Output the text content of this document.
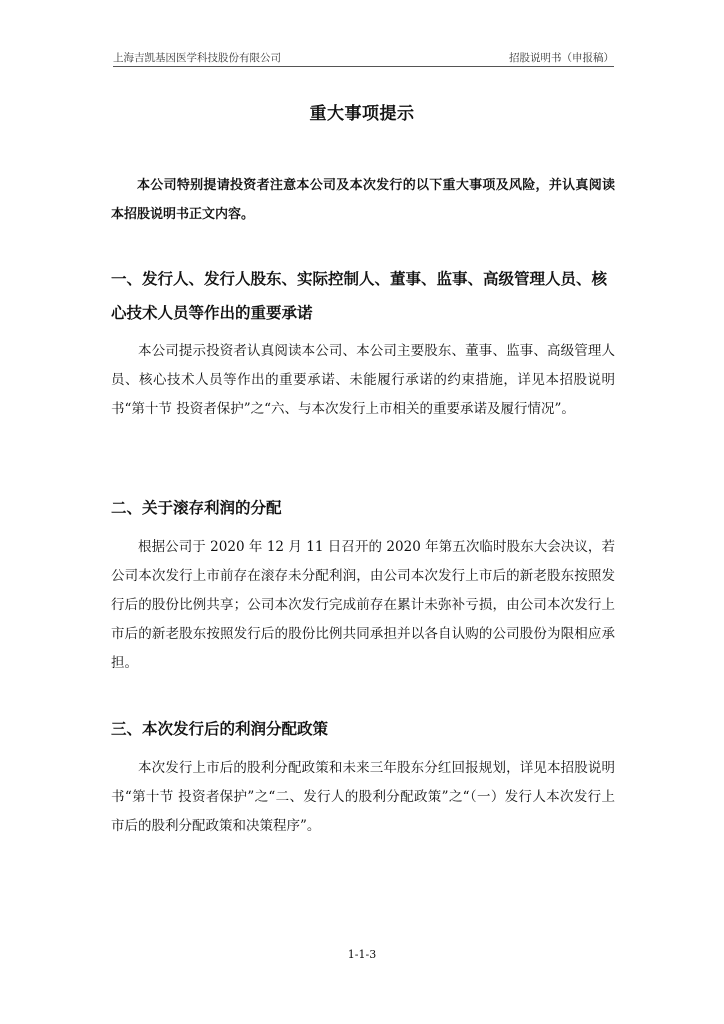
上海吉凯基因医学科技股份有限公司	招股说明书（申报稿）
重大事项提示

本公司特别提请投资者注意本公司及本次发行的以下重大事项及风险，并认真阅读本招股说明书正文内容。

一、发行人、发行人股东、实际控制人、董事、监事、高级管理人员、核心技术人员等作出的重要承诺

本公司提示投资者认真阅读本公司、本公司主要股东、董事、监事、高级管理人员、核心技术人员等作出的重要承诺、未能履行承诺的约束措施，详见本招股说明书“第十节 投资者保护”之“六、与本次发行上市相关的重要承诺及履行情况”。

二、关于滚存利润的分配

根据公司于 2020 年 12 月 11 日召开的 2020 年第五次临时股东大会决议，若公司本次发行上市前存在滚存未分配利润，由公司本次发行上市后的新老股东按照发行后的股份比例共享；公司本次发行完成前存在累计未弥补亏损，由公司本次发行上市后的新老股东按照发行后的股份比例共同承担并以各自认购的公司股份为限相应承担。

三、本次发行后的利润分配政策

本次发行上市后的股利分配政策和未来三年股东分红回报规划，详见本招股说明书“第十节 投资者保护”之“二、发行人的股利分配政策”之“（一）发行人本次发行上市后的股利分配政策和决策程序”。

1-1-3
